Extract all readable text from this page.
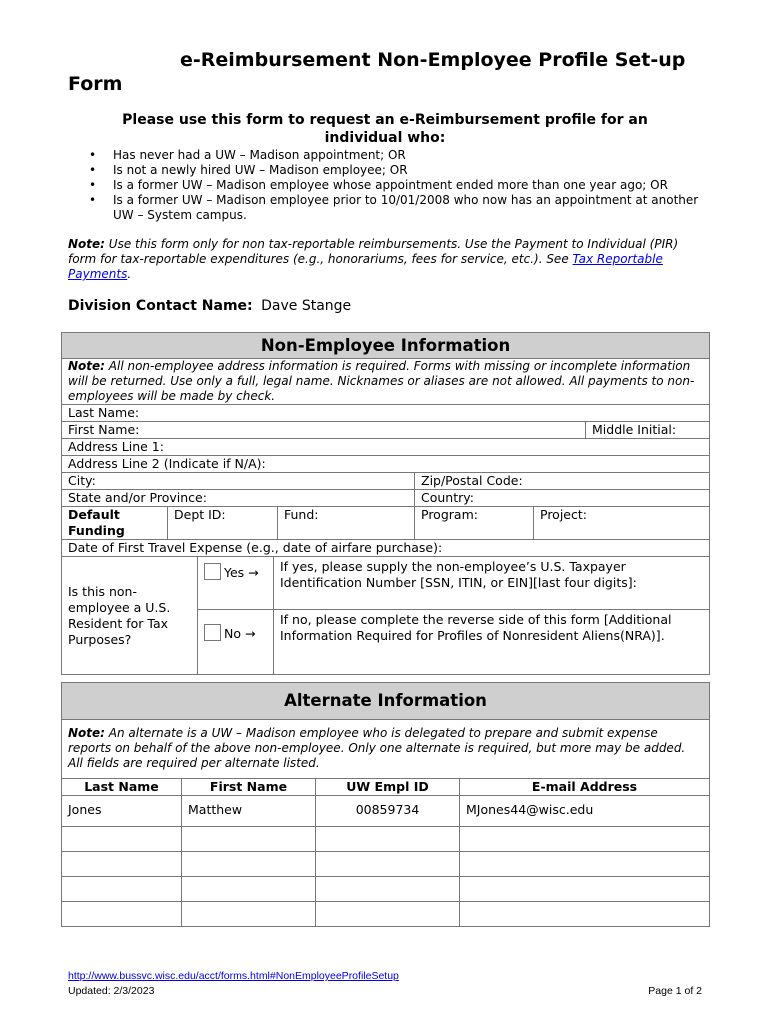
e-Reimbursement Non-Employee Profile Set-up Form
Please use this form to request an e-Reimbursement profile for an individual who:
• Has never had a UW – Madison appointment; OR
• Is not a newly hired UW – Madison employee; OR
• Is a former UW – Madison employee whose appointment ended more than one year ago; OR
• Is a former UW – Madison employee prior to 10/01/2008 who now has an appointment at another UW – System campus.
Note: Use this form only for non tax-reportable reimbursements. Use the Payment to Individual (PIR) form for tax-reportable expenditures (e.g., honorariums, fees for service, etc.). See Tax Reportable Payments.
Division Contact Name: Dave Stange
Non-Employee Information							
Note: All non-employee address information is required. Forms with missing or incomplete information will be returned. Use only a full, legal name. Nicknames or aliases are not allowed. All payments to non-employees will be made by check.							
Last Name:							
First Name:							Middle Initial:
Address Line 1:							
Address Line 2 (Indicate if N/A):							
City:					Zip/Postal Code:		
State and/or Province:					Country:		
Default Funding	Dept ID:			Fund:	Program:	Project:	
Date of First Travel Expense (e.g., date of airfare purchase):							
Is this non-employee a U.S. Resident for Tax Purposes?		Yes →	If yes, please supply the non-employee’s U.S. Taxpayer Identification Number [SSN, ITIN, or EIN][last four digits]:				
		No →	If no, please complete the reverse side of this form [Additional Information Required for Profiles of Nonresident Aliens(NRA)].				
Alternate Information			
Note: An alternate is a UW – Madison employee who is delegated to prepare and submit expense reports on behalf of the above non-employee. Only one alternate is required, but more may be added. All fields are required per alternate listed.			
Last Name	First Name	UW Empl ID	E-mail Address
Jones	Matthew	00859734	MJones44@wisc.edu

http://www.bussvc.wisc.edu/acct/forms.html#NonEmployeeProfileSetup
Updated: 2/3/2023	Page 1 of 2
